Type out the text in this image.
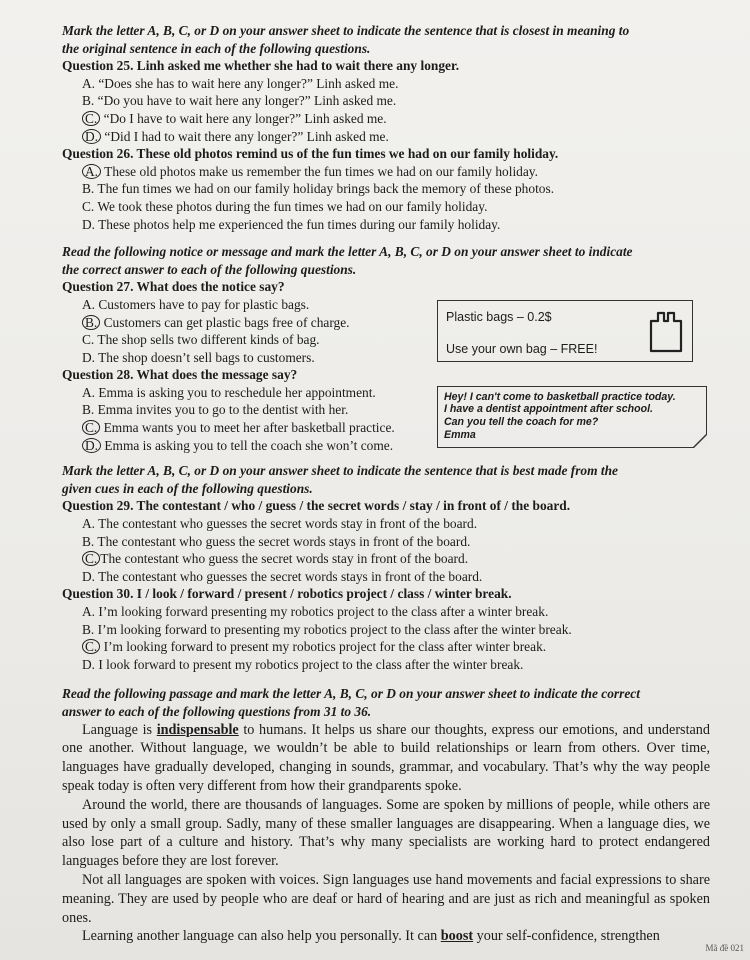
Mark the letter A, B, C, or D on your answer sheet to indicate the sentence that is closest in meaning to
the original sentence in each of the following questions.

Question 25. Linh asked me whether she had to wait there any longer.

A. “Does she has to wait here any longer?” Linh asked me.

B. “Do you have to wait here any longer?” Linh asked me.

C. “Do I have to wait here any longer?” Linh asked me.

D. “Did I had to wait there any longer?” Linh asked me.

Question 26. These old photos remind us of the fun times we had on our family holiday.

A. These old photos make us remember the fun times we had on our family holiday.

B. The fun times we had on our family holiday brings back the memory of these photos.

C. We took these photos during the fun times we had on our family holiday.

D. These photos help me experienced the fun times during our family holiday.

Read the following notice or message and mark the letter A, B, C, or D on your answer sheet to indicate
the correct answer to each of the following questions.

Question 27. What does the notice say?

A. Customers have to pay for plastic bags.

B. Customers can get plastic bags free of charge.

C. The shop sells two different kinds of bag.

D. The shop doesn’t sell bags to customers.

Plastic bags – 0.2$
Use your own bag – FREE!

Question 28. What does the message say?

A. Emma is asking you to reschedule her appointment.

B. Emma invites you to go to the dentist with her.

C. Emma wants you to meet her after basketball practice.

D. Emma is asking you to tell the coach she won’t come.

Hey! I can't come to basketball practice today.
I have a dentist appointment after school.
Can you tell the coach for me?
Emma

Mark the letter A, B, C, or D on your answer sheet to indicate the sentence that is best made from the
given cues in each of the following questions.

Question 29. The contestant / who / guess / the secret words / stay / in front of / the board.

A. The contestant who guesses the secret words stay in front of the board.

B. The contestant who guess the secret words stays in front of the board.

C. The contestant who guess the secret words stay in front of the board.

D. The contestant who guesses the secret words stays in front of the board.

Question 30. I / look / forward / present / robotics project / class / winter break.

A. I’m looking forward presenting my robotics project to the class after a winter break.

B. I’m looking forward to presenting my robotics project to the class after the winter break.

C. I’m looking forward to present my robotics project for the class after winter break.

D. I look forward to present my robotics project to the class after the winter break.

Read the following passage and mark the letter A, B, C, or D on your answer sheet to indicate the correct
answer to each of the following questions from 31 to 36.

Language is indispensable to humans. It helps us share our thoughts, express our emotions, and understand one another. Without language, we wouldn’t be able to build relationships or learn from others. Over time, languages have gradually developed, changing in sounds, grammar, and vocabulary. That’s why the way people speak today is often very different from how their grandparents spoke.

Around the world, there are thousands of languages. Some are spoken by millions of people, while others are used by only a small group. Sadly, many of these smaller languages are disappearing. When a language dies, we also lose part of a culture and history. That’s why many specialists are working hard to protect endangered languages before they are lost forever.

Not all languages are spoken with voices. Sign languages use hand movements and facial expressions to share meaning. They are used by people who are deaf or hard of hearing and are just as rich and meaningful as spoken ones.

Learning another language can also help you personally. It can boost your self-confidence, strengthen

Mã đề 021
